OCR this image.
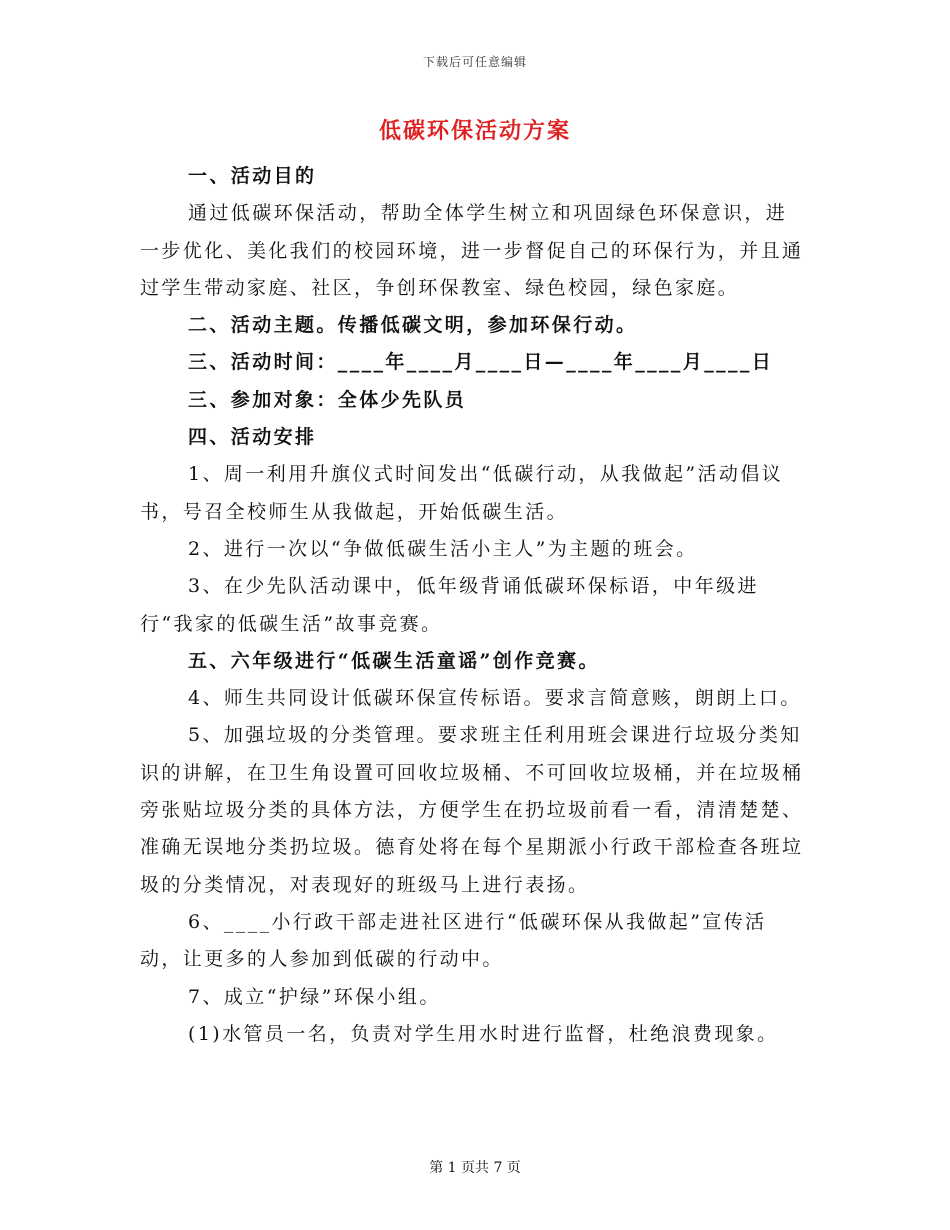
下载后可任意编辑
低碳环保活动方案

一、活动目的

通过低碳环保活动，帮助全体学生树立和巩固绿色环保意识，进一步优化、美化我们的校园环境，进一步督促自己的环保行为，并且通过学生带动家庭、社区，争创环保教室、绿色校园，绿色家庭。

二、活动主题。传播低碳文明，参加环保行动。

三、活动时间：____年____月____日—____年____月____日

三、参加对象：全体少先队员

四、活动安排

1、周一利用升旗仪式时间发出“低碳行动，从我做起”活动倡议书，号召全校师生从我做起，开始低碳生活。

2、进行一次以“争做低碳生活小主人”为主题的班会。

3、在少先队活动课中，低年级背诵低碳环保标语，中年级进行“我家的低碳生活”故事竞赛。

五、六年级进行“低碳生活童谣”创作竞赛。

4、师生共同设计低碳环保宣传标语。要求言简意赅，朗朗上口。

5、加强垃圾的分类管理。要求班主任利用班会课进行垃圾分类知识的讲解，在卫生角设置可回收垃圾桶、不可回收垃圾桶，并在垃圾桶旁张贴垃圾分类的具体方法，方便学生在扔垃圾前看一看，清清楚楚、准确无误地分类扔垃圾。德育处将在每个星期派小行政干部检查各班垃圾的分类情况，对表现好的班级马上进行表扬。

6、____小行政干部走进社区进行“低碳环保从我做起”宣传活动，让更多的人参加到低碳的行动中。

7、成立“护绿”环保小组。

(1)水管员一名，负责对学生用水时进行监督，杜绝浪费现象。

第 1 页共 7 页
